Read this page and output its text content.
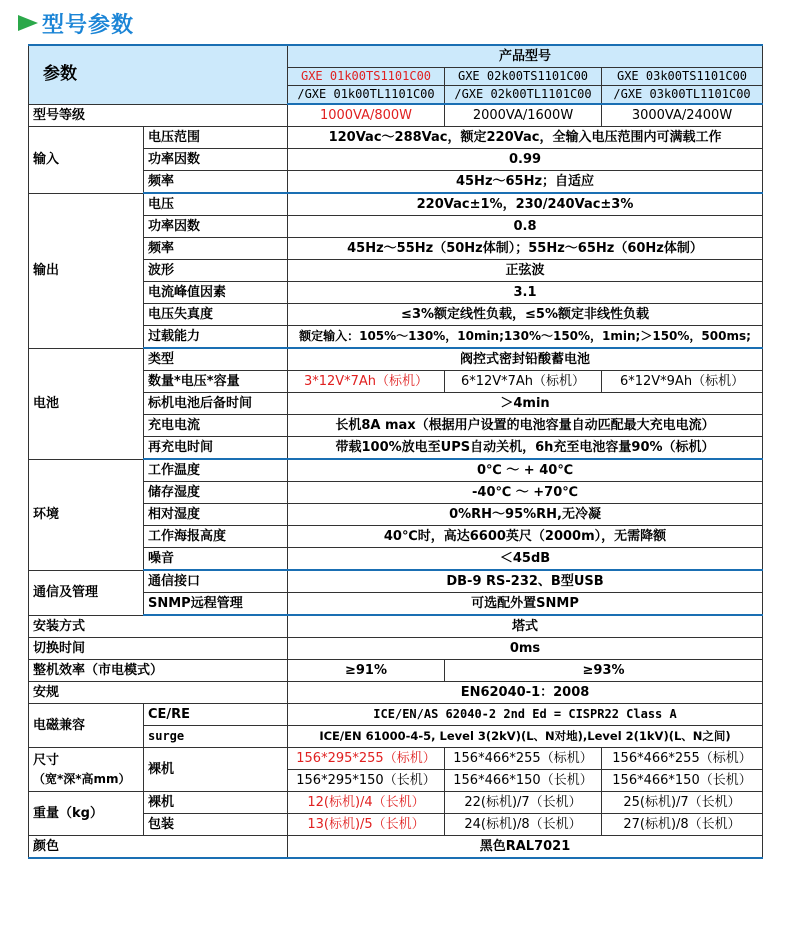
型号参数
参数		产品型号		
		GXE 01k00TS1101C00	GXE 02k00TS1101C00	GXE 03k00TS1101C00
		/GXE 01k00TL1101C00	/GXE 02k00TL1101C00	/GXE 03k00TL1101C00
型号等级		1000VA/800W	2000VA/1600W	3000VA/2400W
输入	电压范围	120Vac～288Vac，额定220Vac，全输入电压范围内可满载工作		
	功率因数	0.99		
	频率	45Hz～65Hz；自适应		
输出	电压	220Vac±1%，230/240Vac±3%		
	功率因数	0.8		
	频率	45Hz～55Hz（50Hz体制）；55Hz～65Hz（60Hz体制）		
	波形	正弦波		
	电流峰值因素	3.1		
	电压失真度	≤3%额定线性负载，≤5%额定非线性负载		
	过载能力	额定输入：105%～130%，10min;130%～150%，1min;＞150%，500ms;		
电池	类型	阀控式密封铅酸蓄电池		
	数量*电压*容量	3*12V*7Ah（标机）	6*12V*7Ah（标机）	6*12V*9Ah（标机）
	标机电池后备时间	＞4min		
	充电电流	长机8A max（根据用户设置的电池容量自动匹配最大充电电流）		
	再充电时间	带载100%放电至UPS自动关机，6h充至电池容量90%（标机）		
环境	工作温度	0℃ ～ + 40℃		
	储存湿度	-40℃ ～ +70℃		
	相对湿度	0%RH～95%RH,无冷凝		
	工作海报高度	40℃时，高达6600英尺（2000m），无需降额		
	噪音	＜45dB		
通信及管理	通信接口	DB-9 RS-232、B型USB		
	SNMP远程管理	可选配外置SNMP		
安装方式		塔式		
切换时间		0ms		
整机效率（市电模式）		≥91%	≥93%	
安规		EN62040-1：2008		
电磁兼容	CE/RE	ICE/EN/AS 62040-2 2nd Ed = CISPR22 Class A		
	surge	ICE/EN 61000-4-5, Level 3(2kV)(L、N对地),Level 2(1kV)(L、N之间)		

尺寸
（宽*深*高mm）	裸机	156*295*255（标机）	156*466*255（标机）	156*466*255（标机）
		156*295*150（长机）	156*466*150（长机）	156*466*150（长机）
重量（kg）	裸机	12(标机)/4（长机）	22(标机)/7（长机）	25(标机)/7（长机）
	包装	13(标机)/5（长机）	24(标机)/8（长机）	27(标机)/8（长机）
颜色		黑色RAL7021		
